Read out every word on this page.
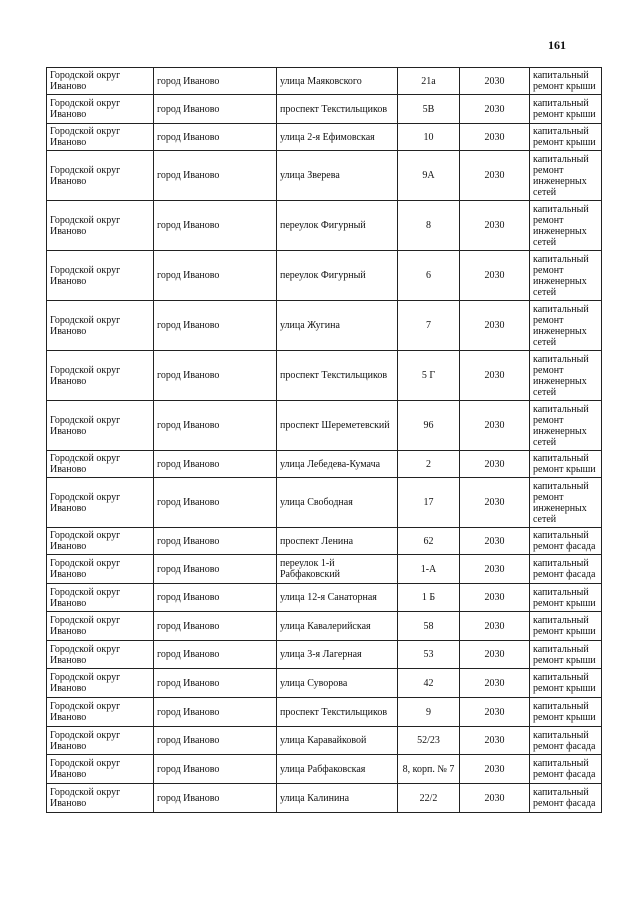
161
Городской округ Иваново	город Иваново	улица Маяковского	21а	2030	капитальный ремонт крыши
Городской округ Иваново	город Иваново	проспект Текстильщиков	5В	2030	капитальный ремонт крыши
Городской округ Иваново	город Иваново	улица 2-я Ефимовская	10	2030	капитальный ремонт крыши
Городской округ Иваново	город Иваново	улица Зверева	9А	2030	капитальный ремонт инженерных сетей
Городской округ Иваново	город Иваново	переулок Фигурный	8	2030	капитальный ремонт инженерных сетей
Городской округ Иваново	город Иваново	переулок Фигурный	6	2030	капитальный ремонт инженерных сетей
Городской округ Иваново	город Иваново	улица Жугина	7	2030	капитальный ремонт инженерных сетей
Городской округ Иваново	город Иваново	проспект Текстильщиков	5 Г	2030	капитальный ремонт инженерных сетей
Городской округ Иваново	город Иваново	проспект Шереметевский	96	2030	капитальный ремонт инженерных сетей
Городской округ Иваново	город Иваново	улица Лебедева-Кумача	2	2030	капитальный ремонт крыши
Городской округ Иваново	город Иваново	улица Свободная	17	2030	капитальный ремонт инженерных сетей
Городской округ Иваново	город Иваново	проспект Ленина	62	2030	капитальный ремонт фасада
Городской округ Иваново	город Иваново	переулок 1-й Рабфаковский	1-А	2030	капитальный ремонт фасада
Городской округ Иваново	город Иваново	улица 12-я Санаторная	1 Б	2030	капитальный ремонт крыши
Городской округ Иваново	город Иваново	улица Кавалерийская	58	2030	капитальный ремонт крыши
Городской округ Иваново	город Иваново	улица 3-я Лагерная	53	2030	капитальный ремонт крыши
Городской округ Иваново	город Иваново	улица Суворова	42	2030	капитальный ремонт крыши
Городской округ Иваново	город Иваново	проспект Текстильщиков	9	2030	капитальный ремонт крыши
Городской округ Иваново	город Иваново	улица Каравайковой	52/23	2030	капитальный ремонт фасада
Городской округ Иваново	город Иваново	улица Рабфаковская	8, корп. № 7	2030	капитальный ремонт фасада
Городской округ Иваново	город Иваново	улица Калинина	22/2	2030	капитальный ремонт фасада
